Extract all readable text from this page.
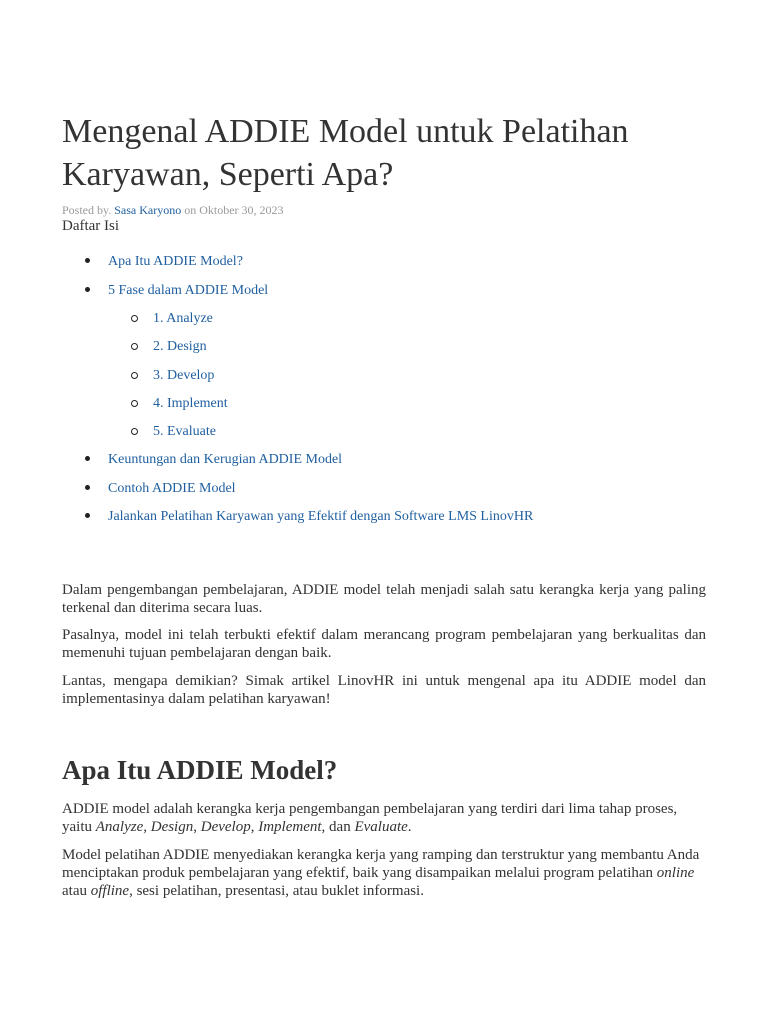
Mengenal ADDIE Model untuk Pelatihan Karyawan, Seperti Apa?
Posted by. Sasa Karyono on Oktober 30, 2023
Daftar Isi
Apa Itu ADDIE Model?
5 Fase dalam ADDIE Model
1. Analyze
2. Design
3. Develop
4. Implement
5. Evaluate
Keuntungan dan Kerugian ADDIE Model
Contoh ADDIE Model
Jalankan Pelatihan Karyawan yang Efektif dengan Software LMS LinovHR

Dalam pengembangan pembelajaran, ADDIE model telah menjadi salah satu kerangka kerja yang paling terkenal dan diterima secara luas.

Pasalnya, model ini telah terbukti efektif dalam merancang program pembelajaran yang berkualitas dan memenuhi tujuan pembelajaran dengan baik.

Lantas, mengapa demikian? Simak artikel LinovHR ini untuk mengenal apa itu ADDIE model dan implementasinya dalam pelatihan karyawan!

Apa Itu ADDIE Model?

ADDIE model adalah kerangka kerja pengembangan pembelajaran yang terdiri dari lima tahap proses, yaitu Analyze, Design, Develop, Implement, dan Evaluate.

Model pelatihan ADDIE menyediakan kerangka kerja yang ramping dan terstruktur yang membantu Anda menciptakan produk pembelajaran yang efektif, baik yang disampaikan melalui program pelatihan online atau offline, sesi pelatihan, presentasi, atau buklet informasi.
